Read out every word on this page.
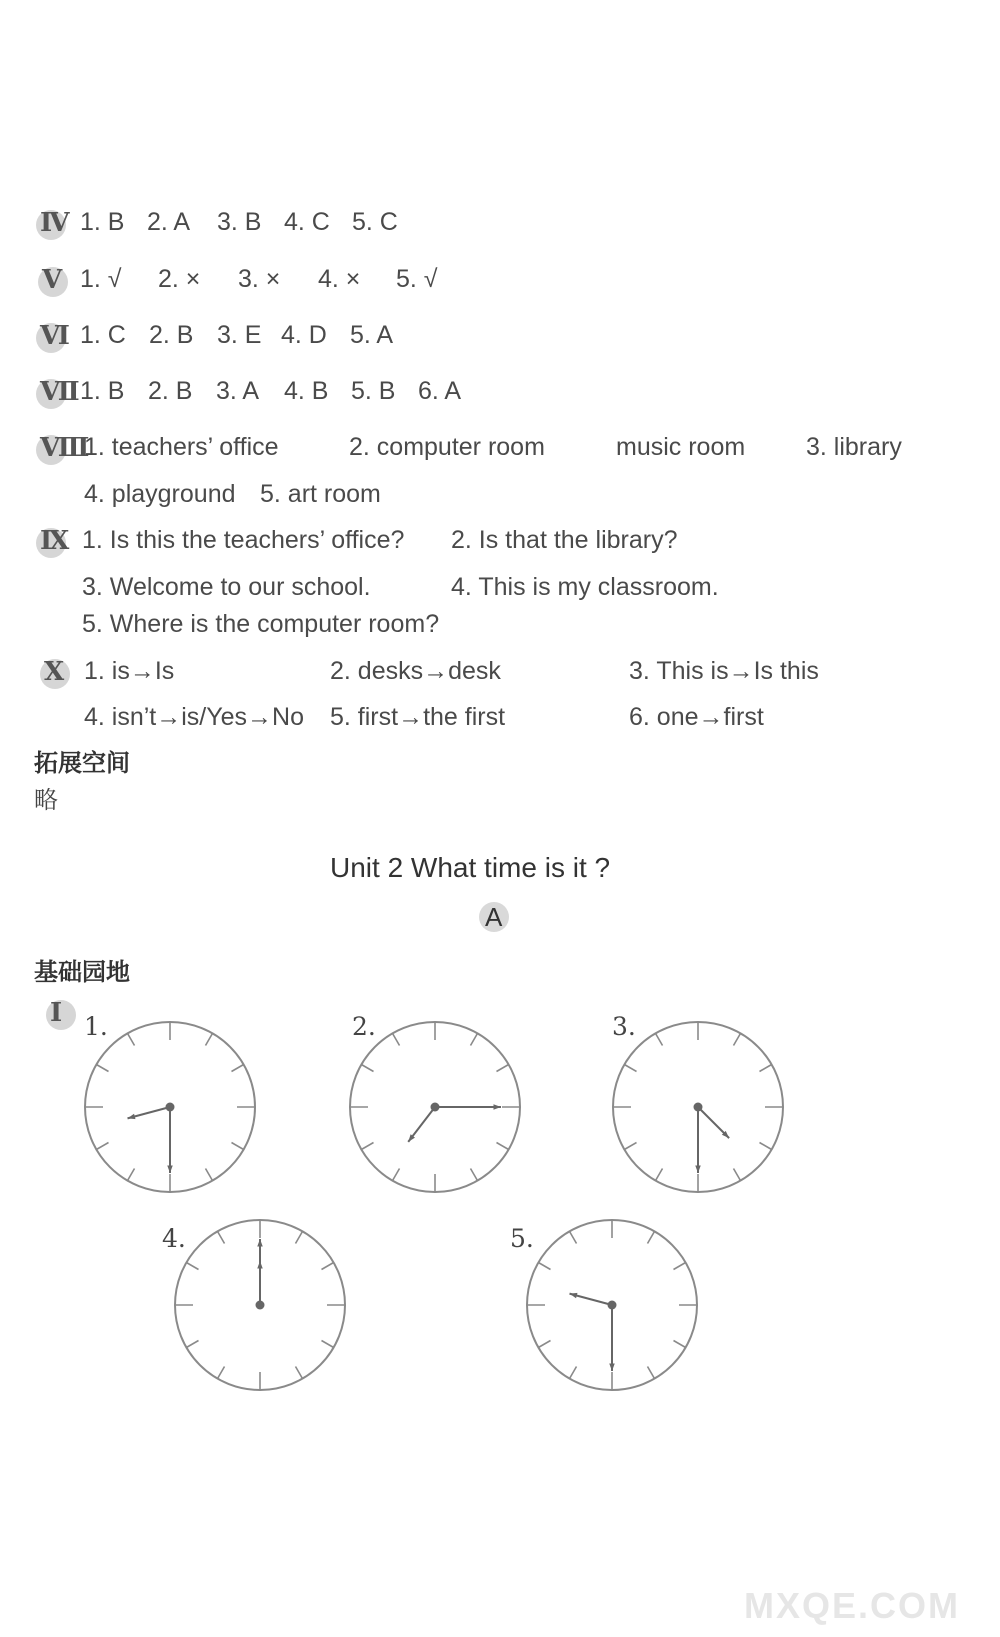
Ⅳ 1. B 2. A 3. B 4. C 5. C
Ⅴ 1. √ 2. × 3. × 4. × 5. √
Ⅵ 1. C 2. B 3. E 4. D 5. A
Ⅶ 1. B 2. B 3. A 4. B 5. B 6. A
Ⅷ
1. teachers’ office	2. computer room	music room 3. library
4. playground 5. art room
Ⅸ 1. Is this the teachers’ office? 2. Is that the library?
3. Welcome to our school.	4. This is my classroom.
5. Where is the computer room?
Ⅹ 1. is→Is	2. desks→desk	3. This is→Is this
4. isn’t→is/Yes→No 5. first→the first	6. one→first
拓展空间
略
Unit 2 What time is it ?
A
基础园地
Ⅰ 1.	2.	3.
4.	5.
MXQE.COM
